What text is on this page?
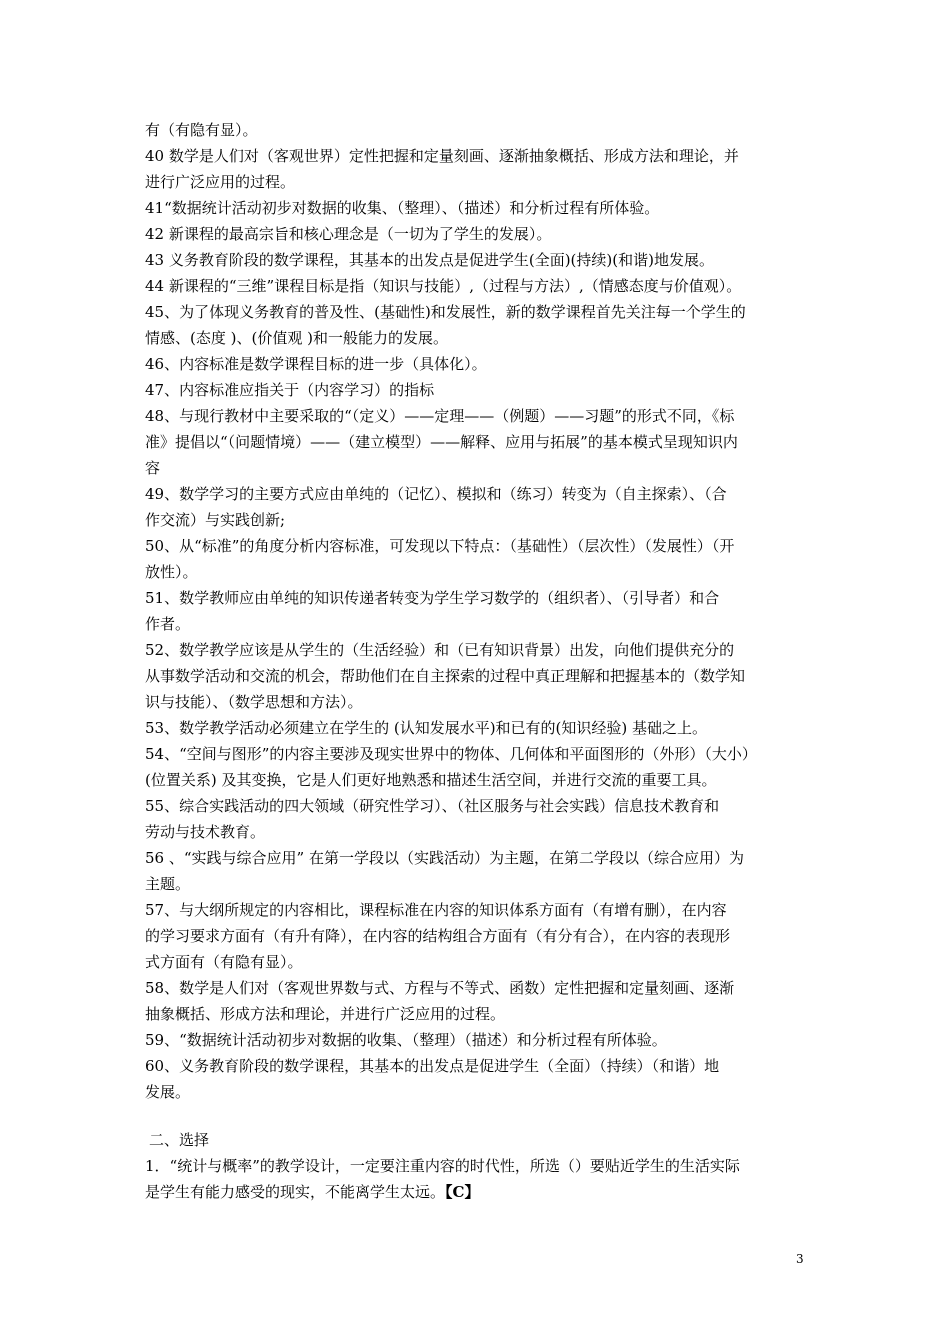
有（有隐有显）。
40 数学是人们对（客观世界）定性把握和定量刻画、逐渐抽象概括、形成方法和理论，并
进行广泛应用的过程。
41“数据统计活动初步对数据的收集、（整理）、（描述）和分析过程有所体验。
42 新课程的最高宗旨和核心理念是（一切为了学生的发展）。
43 义务教育阶段的数学课程，其基本的出发点是促进学生(全面)(持续)(和谐)地发展。
44 新课程的“三维”课程目标是指（知识与技能）,（过程与方法）,（情感态度与价值观）。
45、为了体现义务教育的普及性、(基础性)和发展性，新的数学课程首先关注每一个学生的
情感、(态度 )、(价值观 )和一般能力的发展。
46、内容标准是数学课程目标的进一步（具体化）。
47、内容标准应指关于（内容学习）的指标
48、与现行教材中主要采取的“（定义）——定理——（例题）——习题”的形式不同，《标
准》提倡以“（问题情境）——（建立模型）——解释、应用与拓展”的基本模式呈现知识内
容
49、数学学习的主要方式应由单纯的（记忆）、模拟和（练习）转变为（自主探索）、（合
作交流）与实践创新;
50、从“标准”的角度分析内容标准，可发现以下特点：（基础性）（层次性）（发展性）（开
放性）。
51、数学教师应由单纯的知识传递者转变为学生学习数学的（组织者）、（引导者）和合
作者。
52、数学教学应该是从学生的（生活经验）和（已有知识背景）出发，向他们提供充分的
从事数学活动和交流的机会，帮助他们在自主探索的过程中真正理解和把握基本的（数学知
识与技能）、（数学思想和方法）。
53、数学教学活动必须建立在学生的 (认知发展水平)和已有的(知识经验) 基础之上。
54、“空间与图形”的内容主要涉及现实世界中的物体、几何体和平面图形的（外形）（大小）
(位置关系) 及其变换，它是人们更好地熟悉和描述生活空间，并进行交流的重要工具。
55、综合实践活动的四大领域（研究性学习）、（社区服务与社会实践）信息技术教育和
劳动与技术教育。
56 、“实践与综合应用” 在第一学段以（实践活动）为主题，在第二学段以（综合应用）为
主题。
57、与大纲所规定的内容相比，课程标准在内容的知识体系方面有（有增有删），在内容
的学习要求方面有（有升有降），在内容的结构组合方面有（有分有合），在内容的表现形
式方面有（有隐有显）。
58、数学是人们对（客观世界数与式、方程与不等式、函数）定性把握和定量刻画、逐渐
抽象概括、形成方法和理论，并进行广泛应用的过程。
59、“数据统计活动初步对数据的收集、（整理）（描述）和分析过程有所体验。
60、义务教育阶段的数学课程，其基本的出发点是促进学生（全面）（持续）（和谐）地
发展。
二、选择
1．“统计与概率”的教学设计，一定要注重内容的时代性，所选（）要贴近学生的生活实际
是学生有能力感受的现实，不能离学生太远。【C】
3
